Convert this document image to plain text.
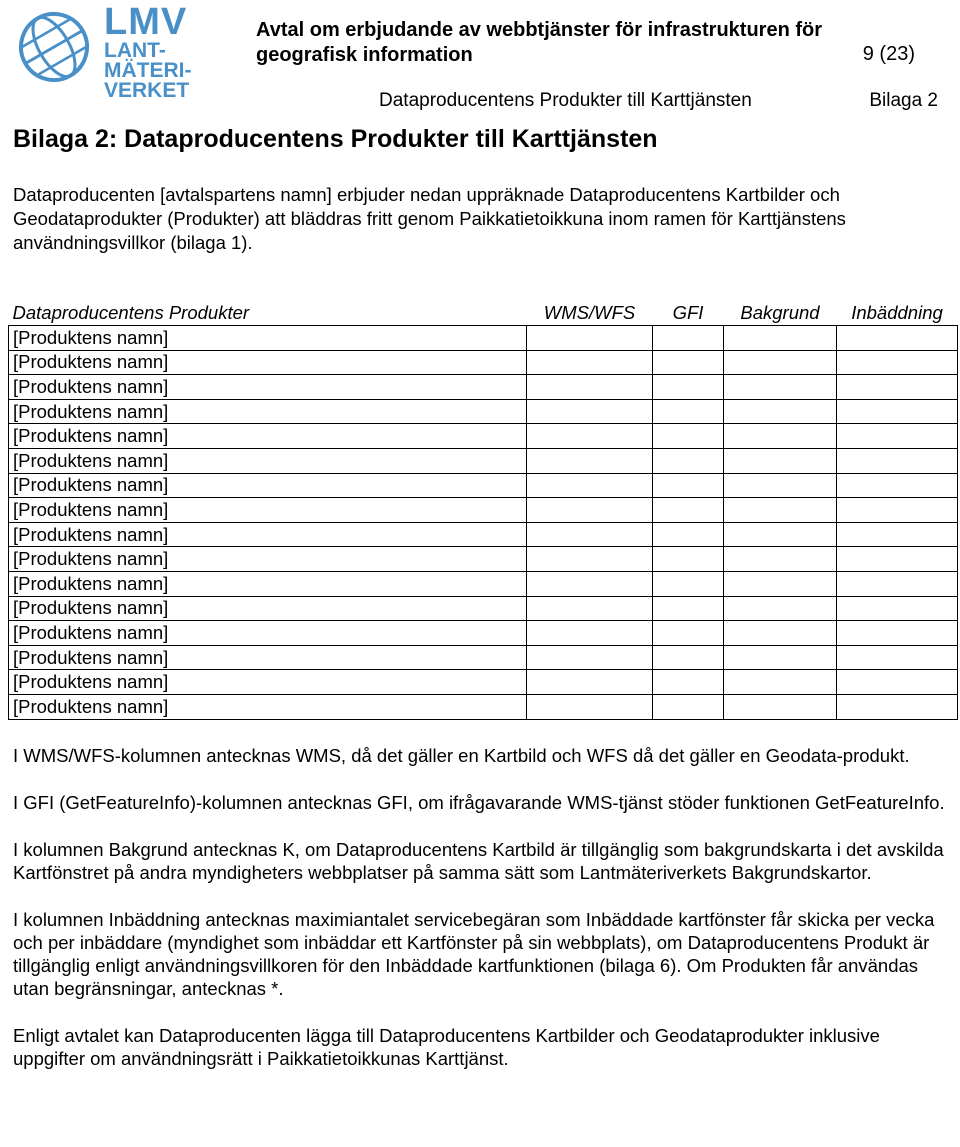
LMV
LANT-
MÄTERI-
VERKET
Avtal om erbjudande av webbtjänster för infrastrukturen för geografisk information	9 (23)
Dataproducentens Produkter till Karttjänsten	Bilaga 2
Bilaga 2: Dataproducentens Produkter till Karttjänsten

Dataproducenten [avtalspartens namn] erbjuder nedan uppräknade Dataproducentens Kartbilder och Geodataprodukter (Produkter) att bläddras fritt genom Paikkatietoikkuna inom ramen för Karttjänstens användningsvillkor (bilaga 1).

Dataproducentens Produkter	WMS/WFS	GFI	Bakgrund	Inbäddning
[Produktens namn]				
[Produktens namn]				
[Produktens namn]				
[Produktens namn]				
[Produktens namn]				
[Produktens namn]				
[Produktens namn]				
[Produktens namn]				
[Produktens namn]				
[Produktens namn]				
[Produktens namn]				
[Produktens namn]				
[Produktens namn]				
[Produktens namn]				
[Produktens namn]				
[Produktens namn]				

I WMS/WFS-kolumnen antecknas WMS, då det gäller en Kartbild och WFS då det gäller en Geodata-produkt.

I GFI (GetFeatureInfo)-kolumnen antecknas GFI, om ifrågavarande WMS-tjänst stöder funktionen GetFeatureInfo.

I kolumnen Bakgrund antecknas K, om Dataproducentens Kartbild är tillgänglig som bakgrundskarta i det avskilda Kartfönstret på andra myndigheters webbplatser på samma sätt som Lantmäteriverkets Bakgrundskartor.

I kolumnen Inbäddning antecknas maximiantalet servicebegäran som Inbäddade kartfönster får skicka per vecka och per inbäddare (myndighet som inbäddar ett Kartfönster på sin webbplats), om Dataproducentens Produkt är tillgänglig enligt användningsvillkoren för den Inbäddade kartfunktionen (bilaga 6). Om Produkten får användas utan begränsningar, antecknas *.

Enligt avtalet kan Dataproducenten lägga till Dataproducentens Kartbilder och Geodataprodukter inklusive uppgifter om användningsrätt i Paikkatietoikkunas Karttjänst.
